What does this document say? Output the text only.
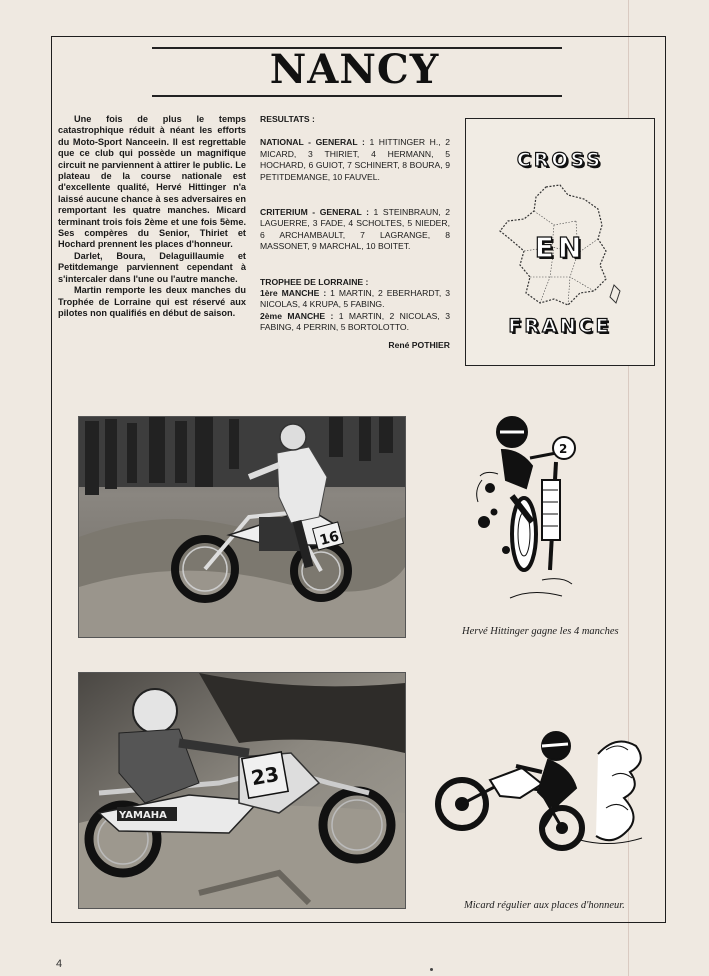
NANCY

Une fois de plus le temps catastrophique réduit à néant les efforts du Moto-Sport Nanceein. Il est regrettable que ce club qui possède un magnifique circuit ne parviennent à attirer le public. Le plateau de la course nationale est d'excellente qualité, Hervé Hittinger n'a laissé aucune chance à ses adversaires en remportant les quatre manches. Micard terminant trois fois 2ème et une fois 5ème. Ses compères du Senior, Thiriet et Hochard prennent les places d'honneur.

Darlet, Boura, Delaguillaumie et Petitdemange parviennent cependant à s'intercaler dans l'une ou l'autre manche.

Martin remporte les deux manches du Trophée de Lorraine qui est réservé aux pilotes non qualifiés en début de saison.

RESULTATS :
NATIONAL - GENERAL : 1 HITTINGER H., 2 MICARD, 3 THIRIET, 4 HERMANN, 5 HOCHARD, 6 GUIOT, 7 SCHINERT, 8 BOURA, 9 PETITDEMANGE, 10 FAUVEL.
CRITERIUM - GENERAL : 1 STEINBRAUN, 2 LAGUERRE, 3 FADE, 4 SCHOLTES, 5 NIEDER, 6 ARCHAMBAULT, 7 LAGRANGE, 8 MASSONET, 9 MARCHAL, 10 BOITET.
TROPHEE DE LORRAINE :
1ère MANCHE : 1 MARTIN, 2 EBERHARDT, 3 NICOLAS, 4 KRUPA, 5 FABING.
2ème MANCHE : 1 MARTIN, 2 NICOLAS, 3 FABING, 4 PERRIN, 5 BORTOLOTTO.
René POTHIER
CROSS
EN
FRANCE
16
YAMAHA
23
2
Hervé Hittinger gagne les 4 manches
Micard régulier aux places d'honneur.
4
